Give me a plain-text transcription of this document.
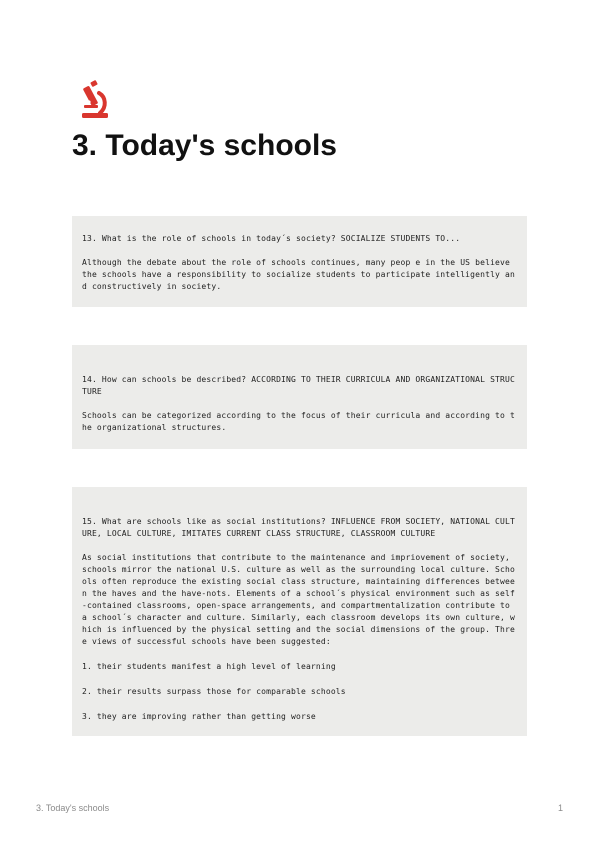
3. Today's schools

13. What is the role of schools in today´s society? SOCIALIZE STUDENTS TO...

Although the debate about the role of schools continues, many peop e in the US believe the schools have a responsibility to socialize students to participate intelligently and constructively in society.

14. How can schools be described? ACCORDING TO THEIR CURRICULA AND ORGANIZATIONAL STRUCTURE

Schools can be categorized according to the focus of their curricula and according to the organizational structures.

15. What are schools like as social institutions? INFLUENCE FROM SOCIETY, NATIONAL CULTURE, LOCAL CULTURE, IMITATES CURRENT CLASS STRUCTURE, CLASSROOM CULTURE

As social institutions that contribute to the maintenance and impriovement of society, schools mirror the national U.S. culture as well as the surrounding local culture. Schools often reproduce the existing social class structure, maintaining differences between the haves and the have-nots. Elements of a school´s physical environment such as self-contained classrooms, open-space arrangements, and compartmentalization contribute to a school´s character and culture. Similarly, each classroom develops its own culture, which is influenced by the physical setting and the social dimensions of the group. Three views of successful schools have been suggested:

1. their students manifest a high level of learning

2. their results surpass those for comparable schools

3. they are improving rather than getting worse

3. Today's schools	1
